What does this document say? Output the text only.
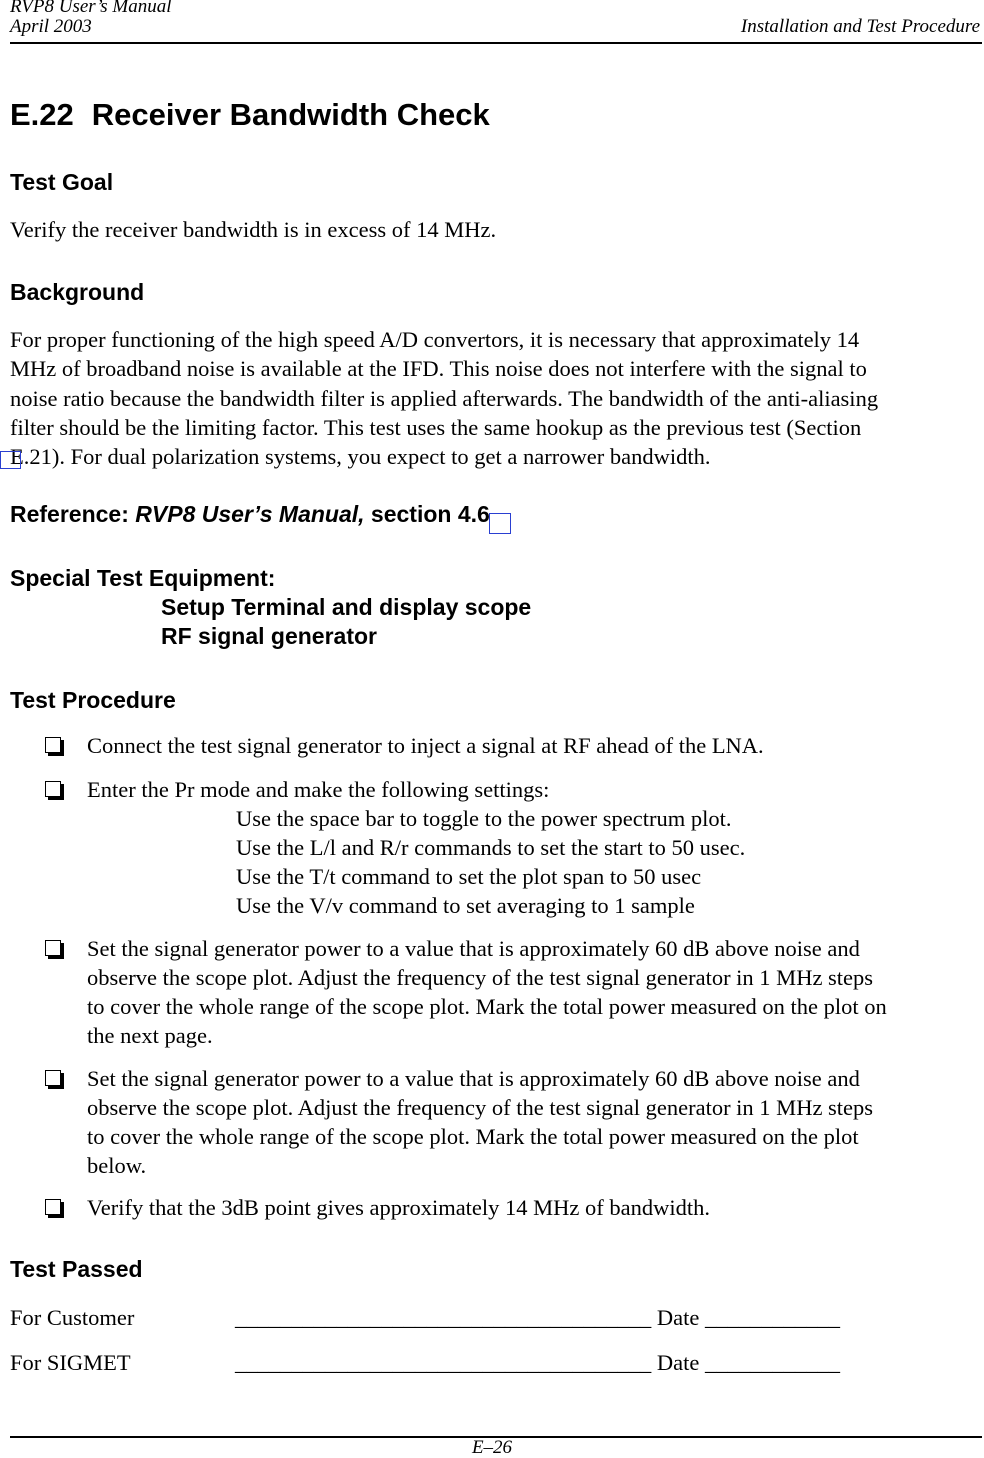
RVP8 User’s Manual
April 2003	Installation and Test Procedure
E.22 Receiver Bandwidth Check
Test Goal
Verify the receiver bandwidth is in excess of 14 MHz.
Background
For proper functioning of the high speed A/D convertors, it is necessary that approximately 14
MHz of broadband noise is available at the IFD. This noise does not interfere with the signal to
noise ratio because the bandwidth filter is applied afterwards. The bandwidth of the anti-aliasing
filter should be the limiting factor. This test uses the same hookup as the previous test (Section
E.21). For dual polarization systems, you expect to get a narrower bandwidth.
Reference: RVP8 User’s Manual, section 4.6
Special Test Equipment:
Setup Terminal and display scope
RF signal generator
Test Procedure
Connect the test signal generator to inject a signal at RF ahead of the LNA.
Enter the Pr mode and make the following settings:
Use the space bar to toggle to the power spectrum plot.
Use the L/l and R/r commands to set the start to 50 usec.
Use the T/t command to set the plot span to 50 usec
Use the V/v command to set averaging to 1 sample
Set the signal generator power to a value that is approximately 60 dB above noise and
observe the scope plot. Adjust the frequency of the test signal generator in 1 MHz steps
to cover the whole range of the scope plot. Mark the total power measured on the plot on
the next page.
Set the signal generator power to a value that is approximately 60 dB above noise and
observe the scope plot. Adjust the frequency of the test signal generator in 1 MHz steps
to cover the whole range of the scope plot. Mark the total power measured on the plot
below.
Verify that the 3dB point gives approximately 14 MHz of bandwidth.
Test Passed
For Customer	_____________________________________ Date ____________
For SIGMET	_____________________________________ Date ____________
E–26
